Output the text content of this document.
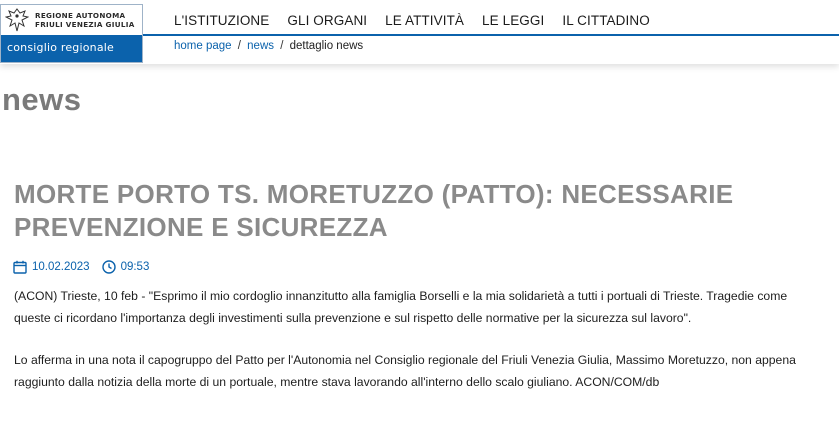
REGIONE AUTONOMA
FRIULI VENEZIA GIULIA
consiglio regionale
L'ISTITUZIONE GLI ORGANI LE ATTIVITÀ LE LEGGI IL CITTADINO
home page / news / dettaglio news
news
MORTE PORTO TS. MORETUZZO (PATTO): NECESSARIE PREVENZIONE E SICUREZZA
10.02.2023	09:53

(ACON) Trieste, 10 feb - "Esprimo il mio cordoglio innanzitutto alla famiglia Borselli e la mia solidarietà a tutti i portuali di Trieste. Tragedie come queste ci ricordano l'importanza degli investimenti sulla prevenzione e sul rispetto delle normative per la sicurezza sul lavoro".

Lo afferma in una nota il capogruppo del Patto per l'Autonomia nel Consiglio regionale del Friuli Venezia Giulia, Massimo Moretuzzo, non appena raggiunto dalla notizia della morte di un portuale, mentre stava lavorando all'interno dello scalo giuliano. ACON/COM/db
